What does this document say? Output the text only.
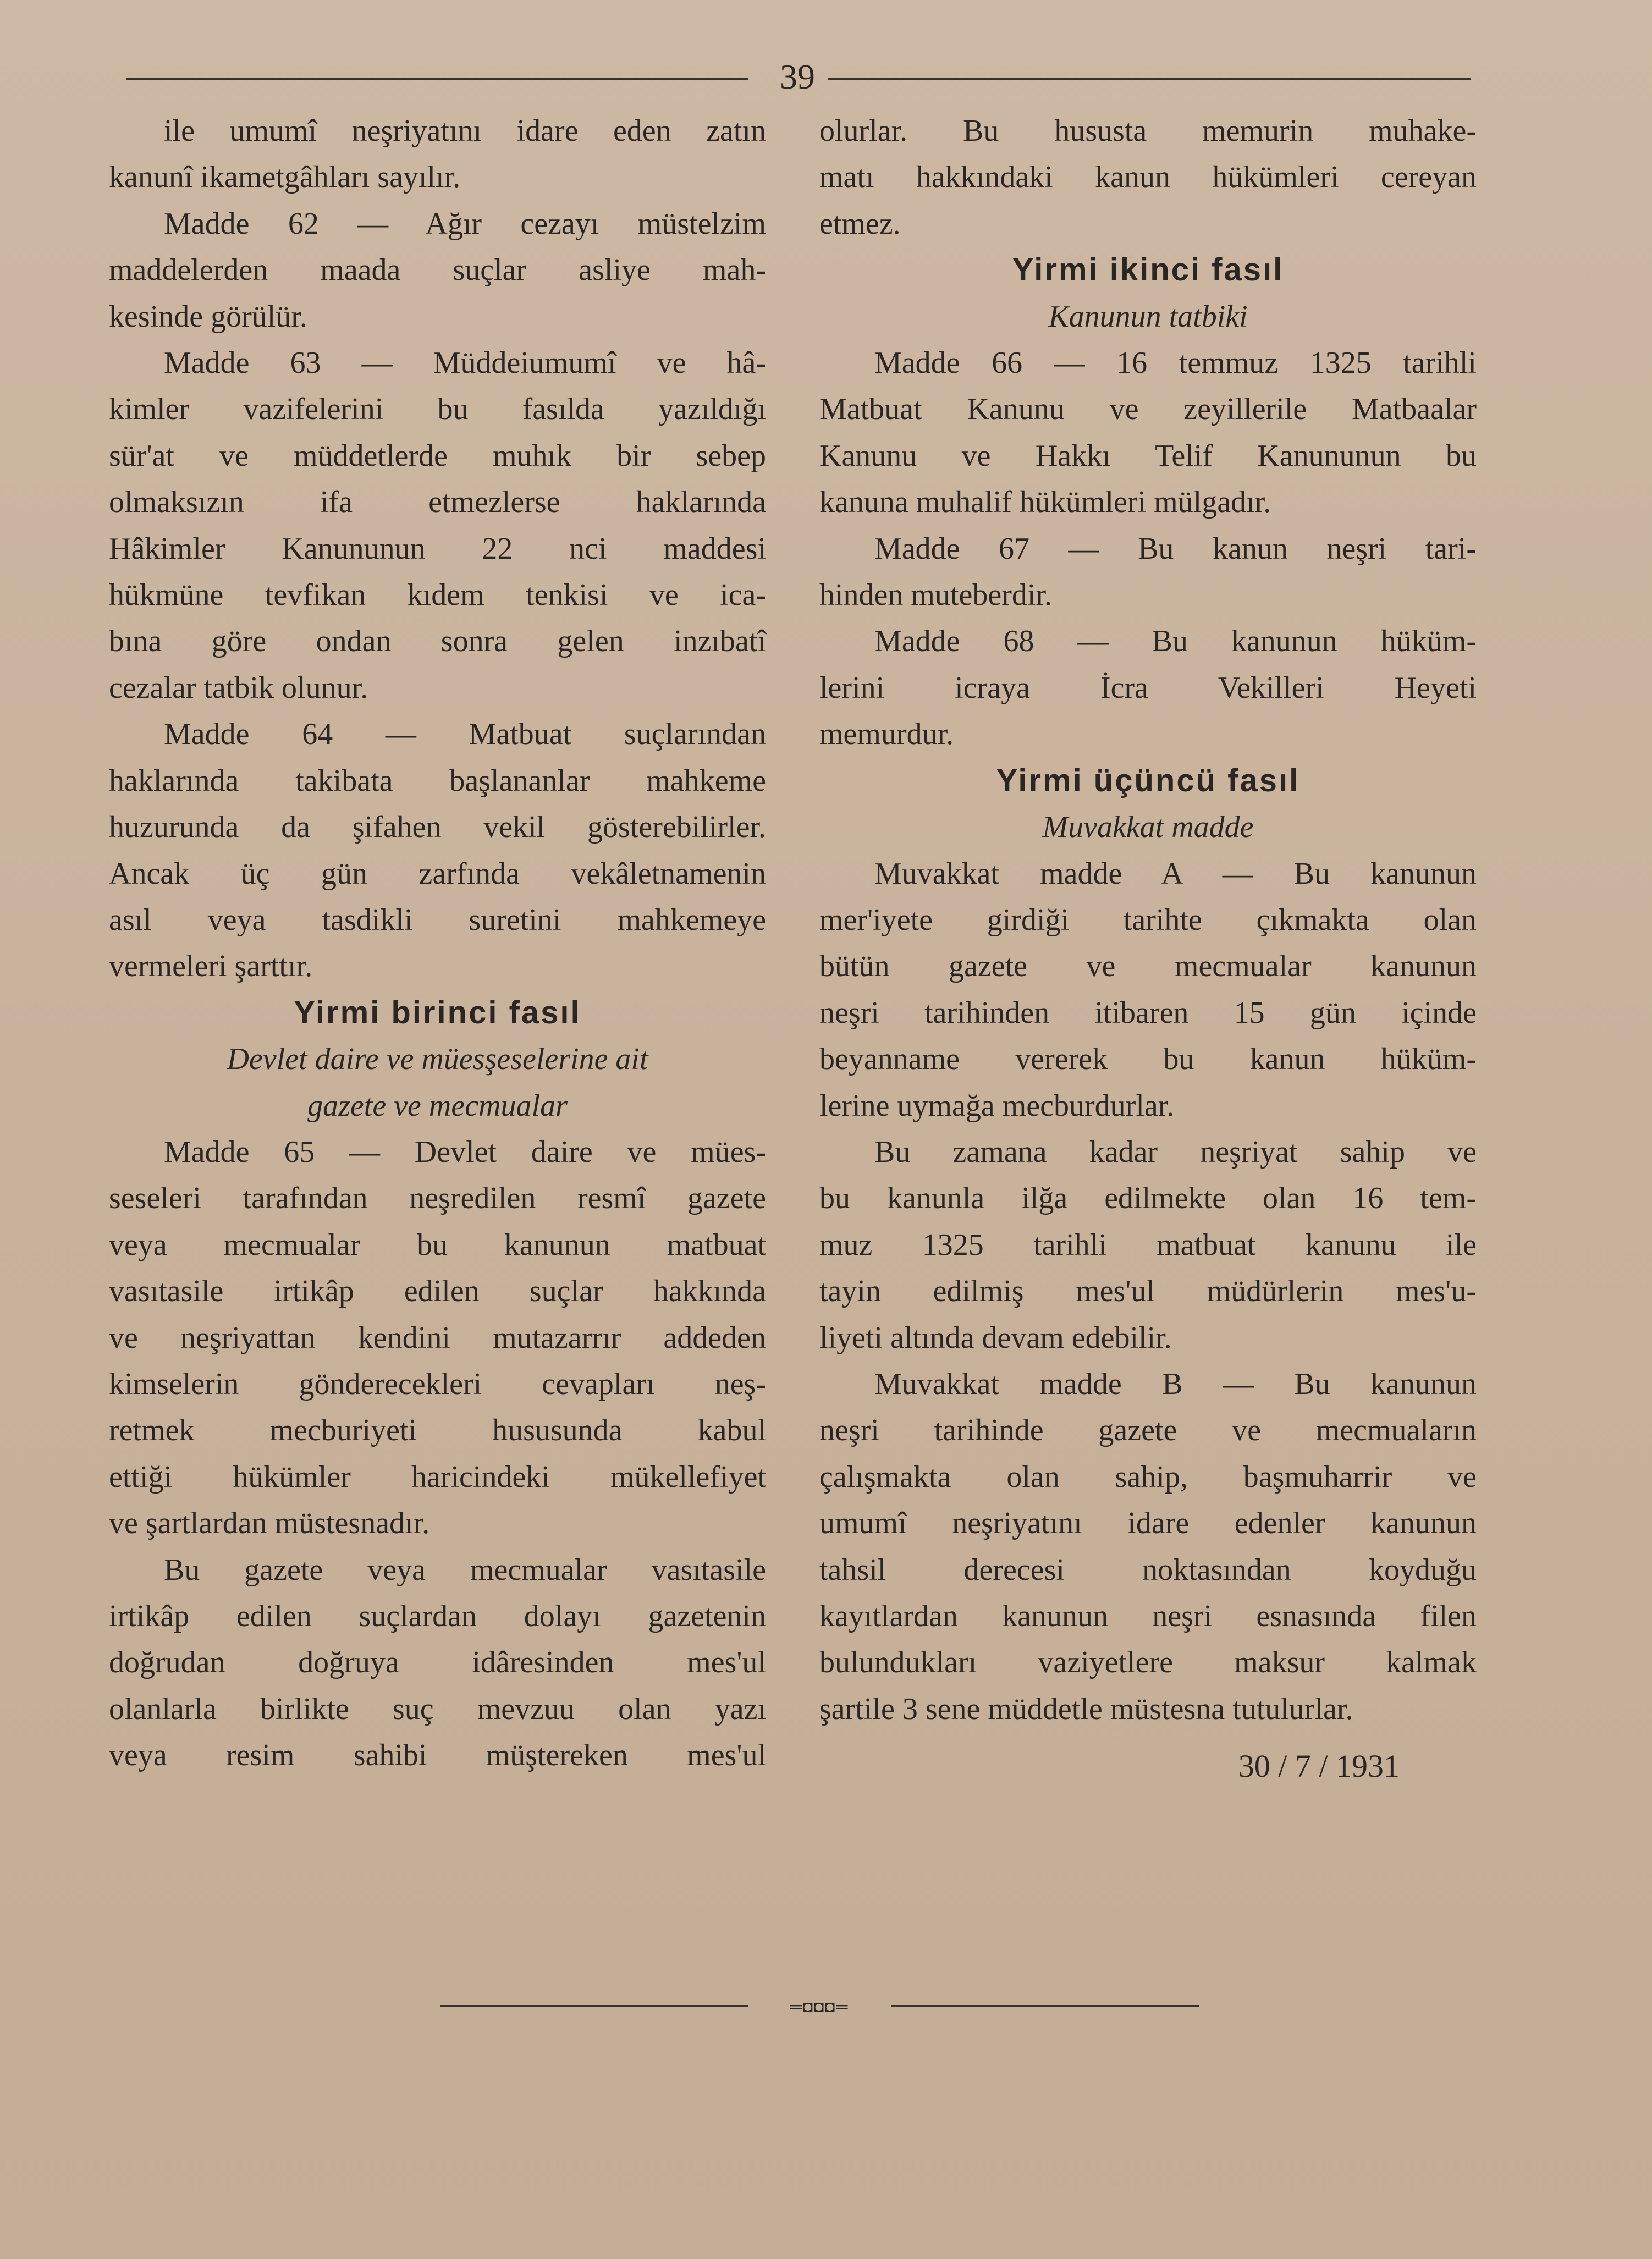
39
ile umumî neşriyatını idare eden zatın
kanunî ikametgâhları sayılır.
Madde 62 — Ağır cezayı müstelzim
maddelerden maada suçlar asliye mah-
kesinde görülür.
Madde 63 — Müddeiumumî ve hâ-
kimler vazifelerini bu fasılda yazıldığı
sür'at ve müddetlerde muhık bir sebep
olmaksızın ifa etmezlerse haklarında
Hâkimler Kanununun 22 nci maddesi
hükmüne tevfikan kıdem tenkisi ve ica-
bına göre ondan sonra gelen inzıbatî
cezalar tatbik olunur.
Madde 64 — Matbuat suçlarından
haklarında takibata başlananlar mahkeme
huzurunda da şifahen vekil gösterebilirler.
Ancak üç gün zarfında vekâletnamenin
asıl veya tasdikli suretini mahkemeye
vermeleri şarttır.
Yirmi birinci fasıl
Devlet daire ve müesşeselerine ait
gazete ve mecmualar
Madde 65 — Devlet daire ve mües-
seseleri tarafından neşredilen resmî gazete
veya mecmualar bu kanunun matbuat
vasıtasile irtikâp edilen suçlar hakkında
ve neşriyattan kendini mutazarrır addeden
kimselerin gönderecekleri cevapları neş-
retmek mecburiyeti hususunda kabul
ettiği hükümler haricindeki mükellefiyet
ve şartlardan müstesnadır.
Bu gazete veya mecmualar vasıtasile
irtikâp edilen suçlardan dolayı gazetenin
doğrudan doğruya idâresinden mes'ul
olanlarla birlikte suç mevzuu olan yazı
veya resim sahibi müştereken mes'ul
olurlar. Bu hususta memurin muhake-
matı hakkındaki kanun hükümleri cereyan
etmez.
Yirmi ikinci fasıl
Kanunun tatbiki
Madde 66 — 16 temmuz 1325 tarihli
Matbuat Kanunu ve zeyillerile Matbaalar
Kanunu ve Hakkı Telif Kanununun bu
kanuna muhalif hükümleri mülgadır.
Madde 67 — Bu kanun neşri tari-
hinden muteberdir.
Madde 68 — Bu kanunun hüküm-
lerini icraya İcra Vekilleri Heyeti
memurdur.
Yirmi üçüncü fasıl
Muvakkat madde
Muvakkat madde A — Bu kanunun
mer'iyete girdiği tarihte çıkmakta olan
bütün gazete ve mecmualar kanunun
neşri tarihinden itibaren 15 gün içinde
beyanname vererek bu kanun hüküm-
lerine uymağa mecburdurlar.
Bu zamana kadar neşriyat sahip ve
bu kanunla ilğa edilmekte olan 16 tem-
muz 1325 tarihli matbuat kanunu ile
tayin edilmiş mes'ul müdürlerin mes'u-
liyeti altında devam edebilir.
Muvakkat madde B — Bu kanunun
neşri tarihinde gazete ve mecmuaların
çalışmakta olan sahip, başmuharrir ve
umumî neşriyatını idare edenler kanunun
tahsil derecesi noktasından koyduğu
kayıtlardan kanunun neşri esnasında filen
bulundukları vaziyetlere maksur kalmak
şartile 3 sene müddetle müstesna tutulurlar.
30 / 7 / 1931
═◘◘◘═
